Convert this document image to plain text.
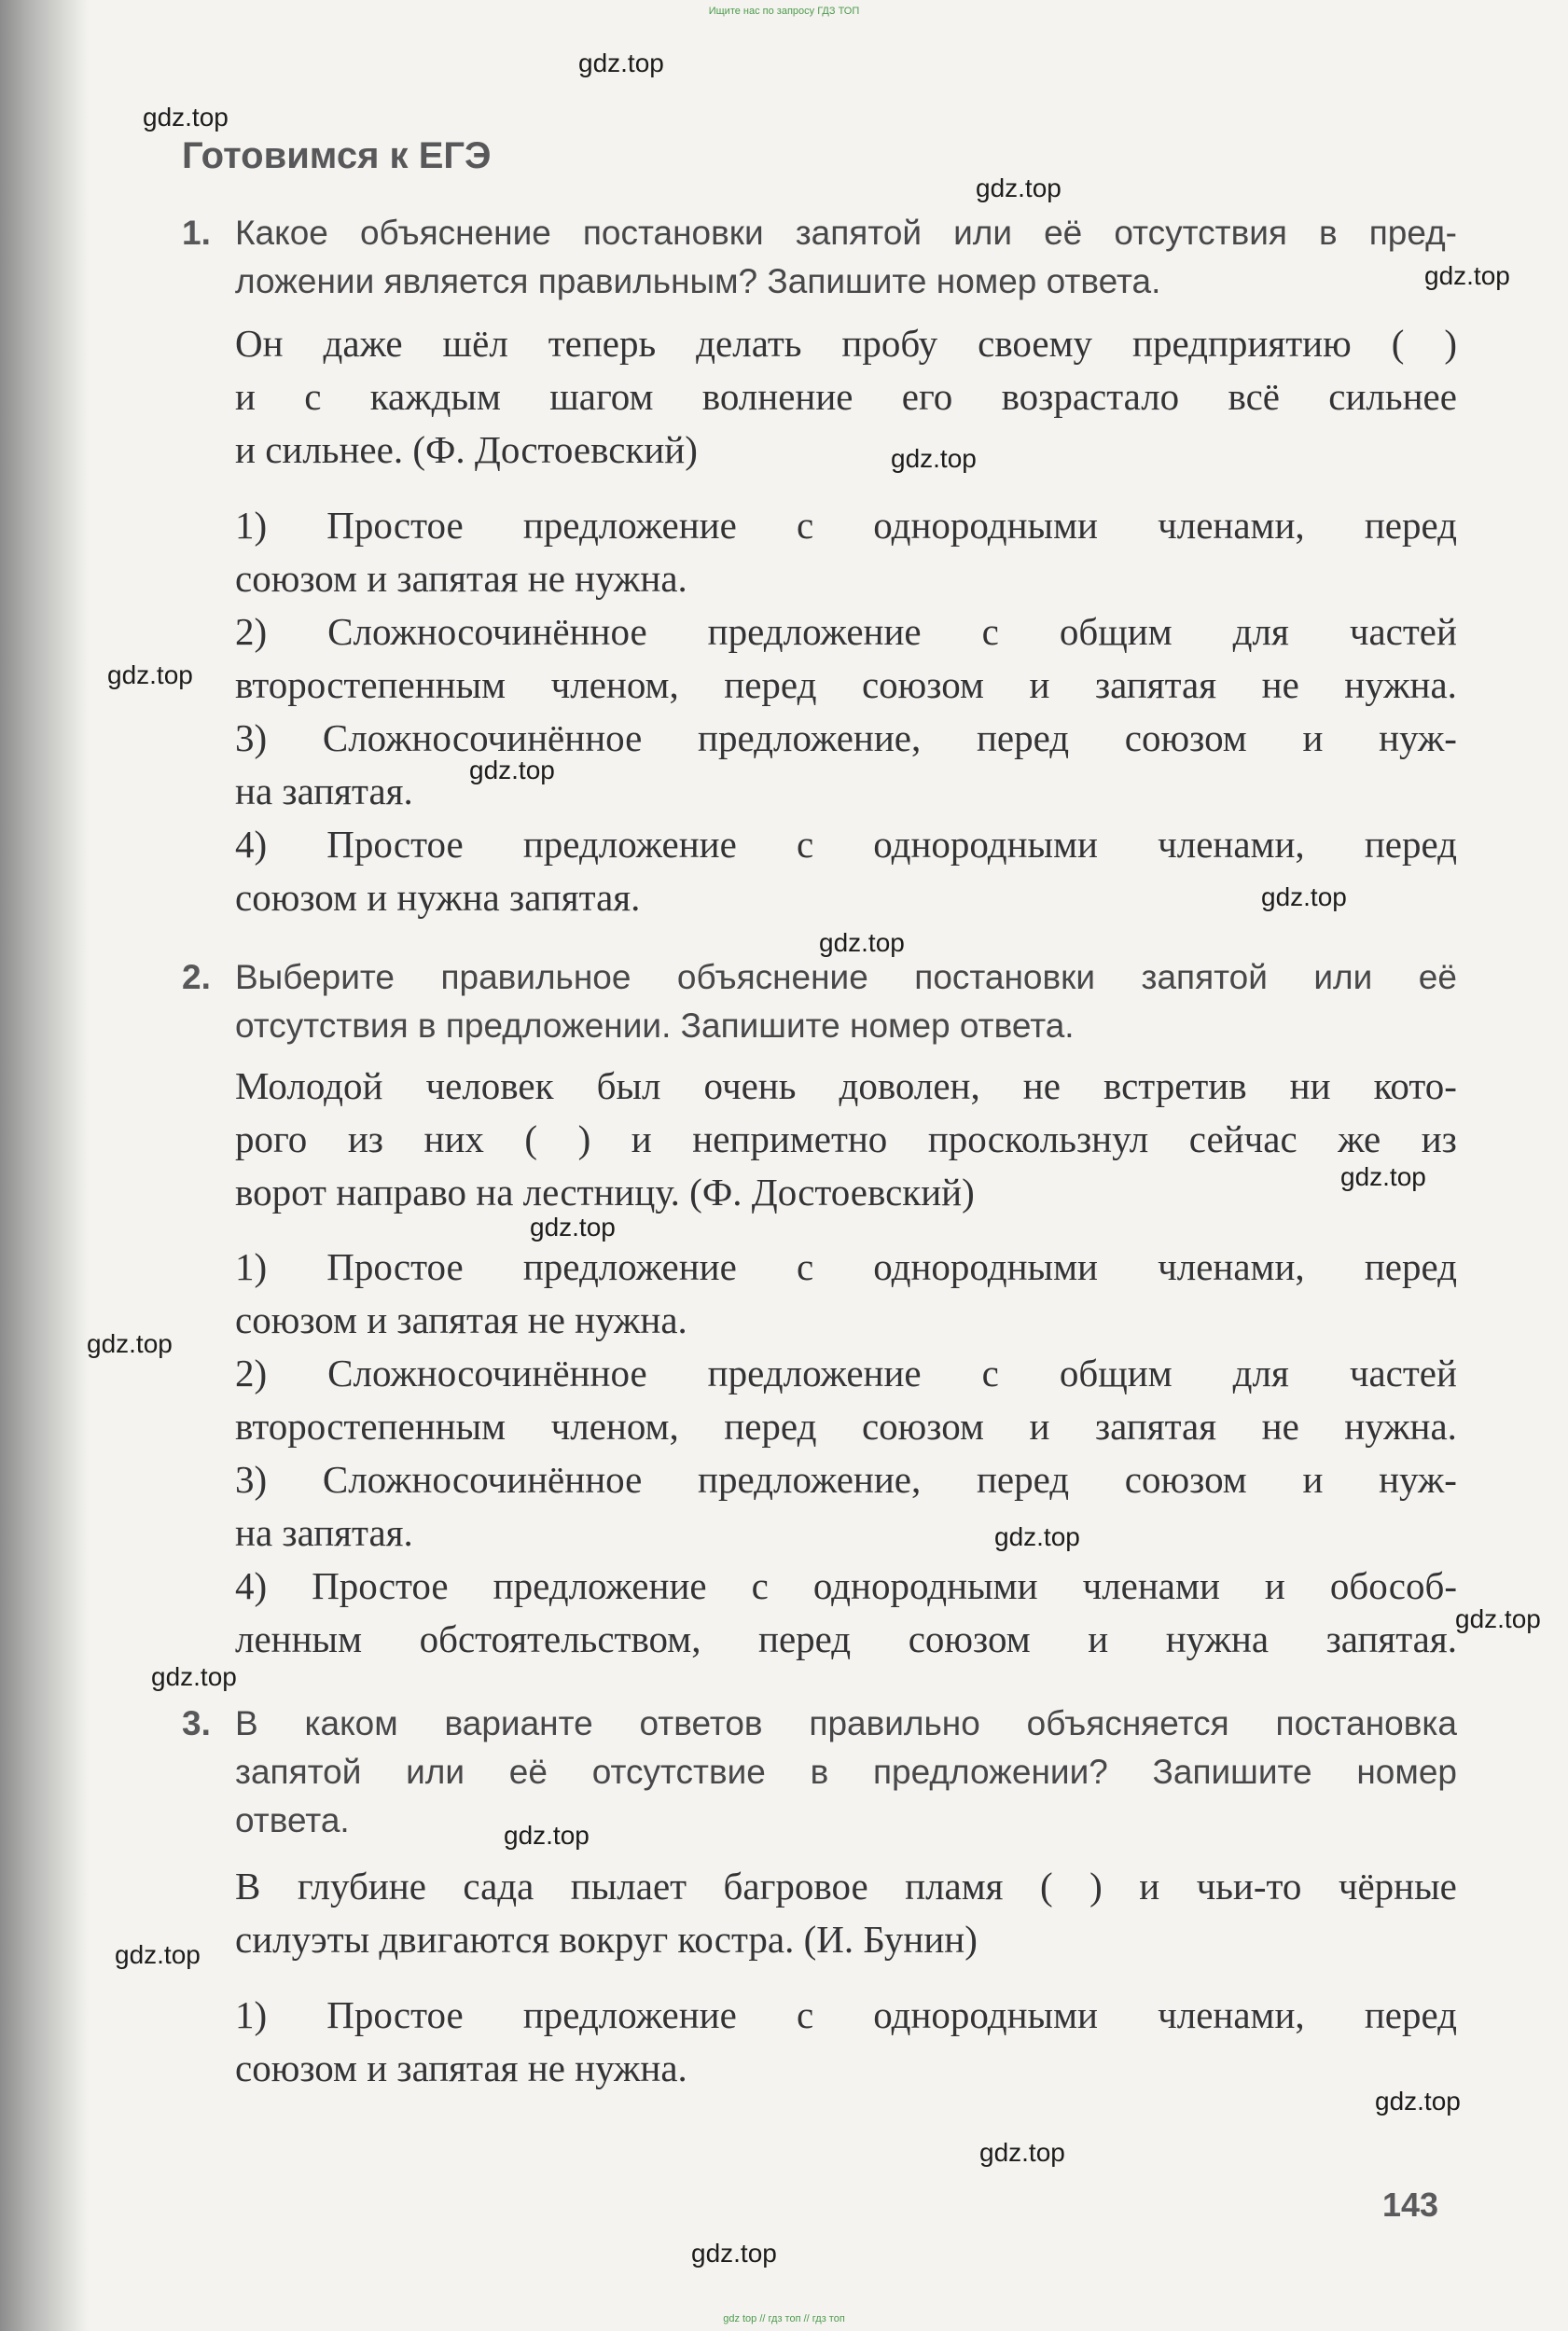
Ищите нас по запросу ГДЗ ТОП
Готовимся к ЕГЭ
1. Какое объяснение постановки запятой или её отсутствия в пред-
ложении является правильным? Запишите номер ответа.
Он даже шёл теперь делать пробу своему предприятию ( )
и с каждым шагом волнение его возрастало всё сильнее
и сильнее. (Ф. Достоевский)
1) Простое предложение с однородными членами, перед
союзом и запятая не нужна.
2) Сложносочинённое предложение с общим для частей
второстепенным членом, перед союзом и запятая не нужна.
3) Сложносочинённое предложение, перед союзом и нуж-
на запятая.
4) Простое предложение с однородными членами, перед
союзом и нужна запятая.
2. Выберите правильное объяснение постановки запятой или её
отсутствия в предложении. Запишите номер ответа.
Молодой человек был очень доволен, не встретив ни кото-
рого из них ( ) и неприметно проскользнул сейчас же из
ворот направо на лестницу. (Ф. Достоевский)
1) Простое предложение с однородными членами, перед
союзом и запятая не нужна.
2) Сложносочинённое предложение с общим для частей
второстепенным членом, перед союзом и запятая не нужна.
3) Сложносочинённое предложение, перед союзом и нуж-
на запятая.
4) Простое предложение с однородными членами и обособ-
ленным обстоятельством, перед союзом и нужна запятая.
3. В каком варианте ответов правильно объясняется постановка
запятой или её отсутствие в предложении? Запишите номер
ответа.
В глубине сада пылает багровое пламя ( ) и чьи-то чёрные
силуэты двигаются вокруг костра. (И. Бунин)
1) Простое предложение с однородными членами, перед
союзом и запятая не нужна.
143
gdz.top
gdz.top
gdz.top
gdz.top
gdz.top
gdz.top
gdz.top
gdz.top
gdz.top
gdz.top
gdz.top
gdz.top
gdz.top
gdz.top
gdz.top
gdz.top
gdz.top
gdz.top
gdz.top
gdz.top
gdz top // гдз топ // гдз топ
